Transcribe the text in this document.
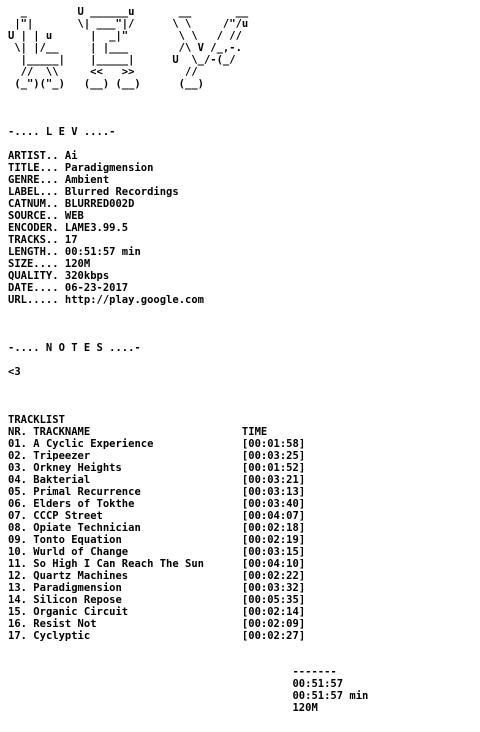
_        U ______u       __       __
|"|       \| ___"|/      \ \     /"/u
U | | u      |  _|"        \ \   / //
\| |/__     | |___        /\ V /_,-.
|_____|    |_____|      U  \_/-(_/
//  \\     <<   >>        //
(_")("_)   (__) (__)      (__)

-.... L E V ....-

ARTIST.. Ai
TITLE... Paradigmension
GENRE... Ambient
LABEL... Blurred Recordings
CATNUM.. BLURRED002D
SOURCE.. WEB
ENCODER. LAME3.99.5
TRACKS.. 17
LENGTH.. 00:51:57 min
SIZE.... 120M
QUALITY. 320kbps
DATE.... 06-23-2017
URL..... http://play.google.com

-.... N O T E S ....-

<3

TRACKLIST
NR. TRACKNAME	TIME
01. A Cyclic Experience	[00:01:58]
02. Tripeezer	[00:03:25]
03. Orkney Heights	[00:01:52]
04. Bakterial	[00:03:21]
05. Primal Recurrence	[00:03:13]
06. Elders of Tokthe	[00:03:40]
07. CCCP Street	[00:04:07]
08. Opiate Technician	[00:02:18]
09. Tonto Equation	[00:02:19]
10. Wurld of Change	[00:03:15]
11. So High I Can Reach The Sun	[00:04:10]
12. Quartz Machines	[00:02:22]
13. Paradigmension	[00:03:32]
14. Silicon Repose	[00:05:35]
15. Organic Circuit	[00:02:14]
16. Resist Not	[00:02:09]
17. Cyclyptic	[00:02:27]

-------
00:51:57
00:51:57 min
120M
